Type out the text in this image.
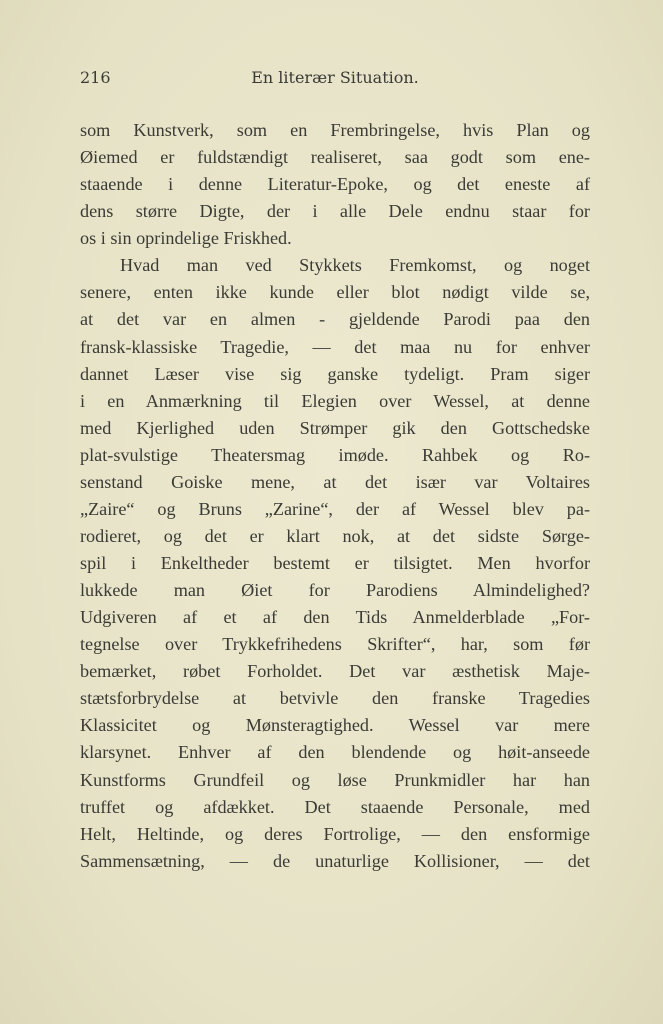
216	En literær Situation.
som Kunstverk, som en Frembringelse, hvis Plan og
Øiemed er fuldstændigt realiseret, saa godt som ene-
staaende i denne Literatur-Epoke, og det eneste af
dens større Digte, der i alle Dele endnu staar for
os i sin oprindelige Friskhed.
Hvad man ved Stykkets Fremkomst, og noget
senere, enten ikke kunde eller blot nødigt vilde se,
at det var en almen - gjeldende Parodi paa den
fransk-klassiske Tragedie, — det maa nu for enhver
dannet Læser vise sig ganske tydeligt. Pram siger
i en Anmærkning til Elegien over Wessel, at denne
med Kjerlighed uden Strømper gik den Gottschedske
plat-svulstige Theatersmag imøde. Rahbek og Ro-
senstand Goiske mene, at det især var Voltaires
„Zaire“ og Bruns „Zarine“, der af Wessel blev pa-
rodieret, og det er klart nok, at det sidste Sørge-
spil i Enkeltheder bestemt er tilsigtet. Men hvorfor
lukkede man Øiet for Parodiens Almindelighed?
Udgiveren af et af den Tids Anmelderblade „For-
tegnelse over Trykkefrihedens Skrifter“, har, som før
bemærket, røbet Forholdet. Det var æsthetisk Maje-
stætsforbrydelse at betvivle den franske Tragedies
Klassicitet og Mønsteragtighed. Wessel var mere
klarsynet. Enhver af den blendende og høit-anseede
Kunstforms Grundfeil og løse Prunkmidler har han
truffet og afdækket. Det staaende Personale, med
Helt, Heltinde, og deres Fortrolige, — den ensformige
Sammensætning, — de unaturlige Kollisioner, — det
